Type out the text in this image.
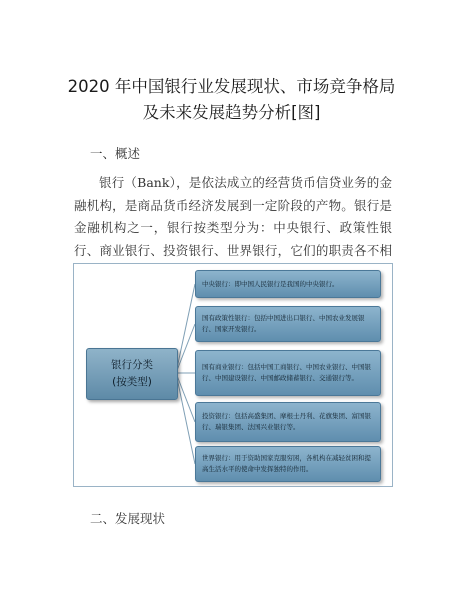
2020 年中国银行业发展现状、市场竞争格局
及未来发展趋势分析[图]
一、概述

银行（Bank），是依法成立的经营货币信贷业务的金融机构，是商品货币经济发展到一定阶段的产物。银行是金融机构之一，银行按类型分为：中央银行、政策性银行、商业银行、投资银行、世界银行，它们的职责各不相

银行分类
(按类型)
中央银行：即中国人民银行是我国的中央银行。
国有政策性银行：包括中国进出口银行、中国农业发展银行、国家开发银行。
国有商业银行：包括中国工商银行、中国农业银行、中国银行、中国建设银行、中国邮政储蓄银行、交通银行等。
投资银行：包括高盛集团、摩根士丹利、花旗集团、富国银行、瑞银集团、法国兴业银行等。
世界银行：用于资助国家克服穷困，各机构在减轻贫困和提高生活水平的使命中发挥独特的作用。
二、发展现状
